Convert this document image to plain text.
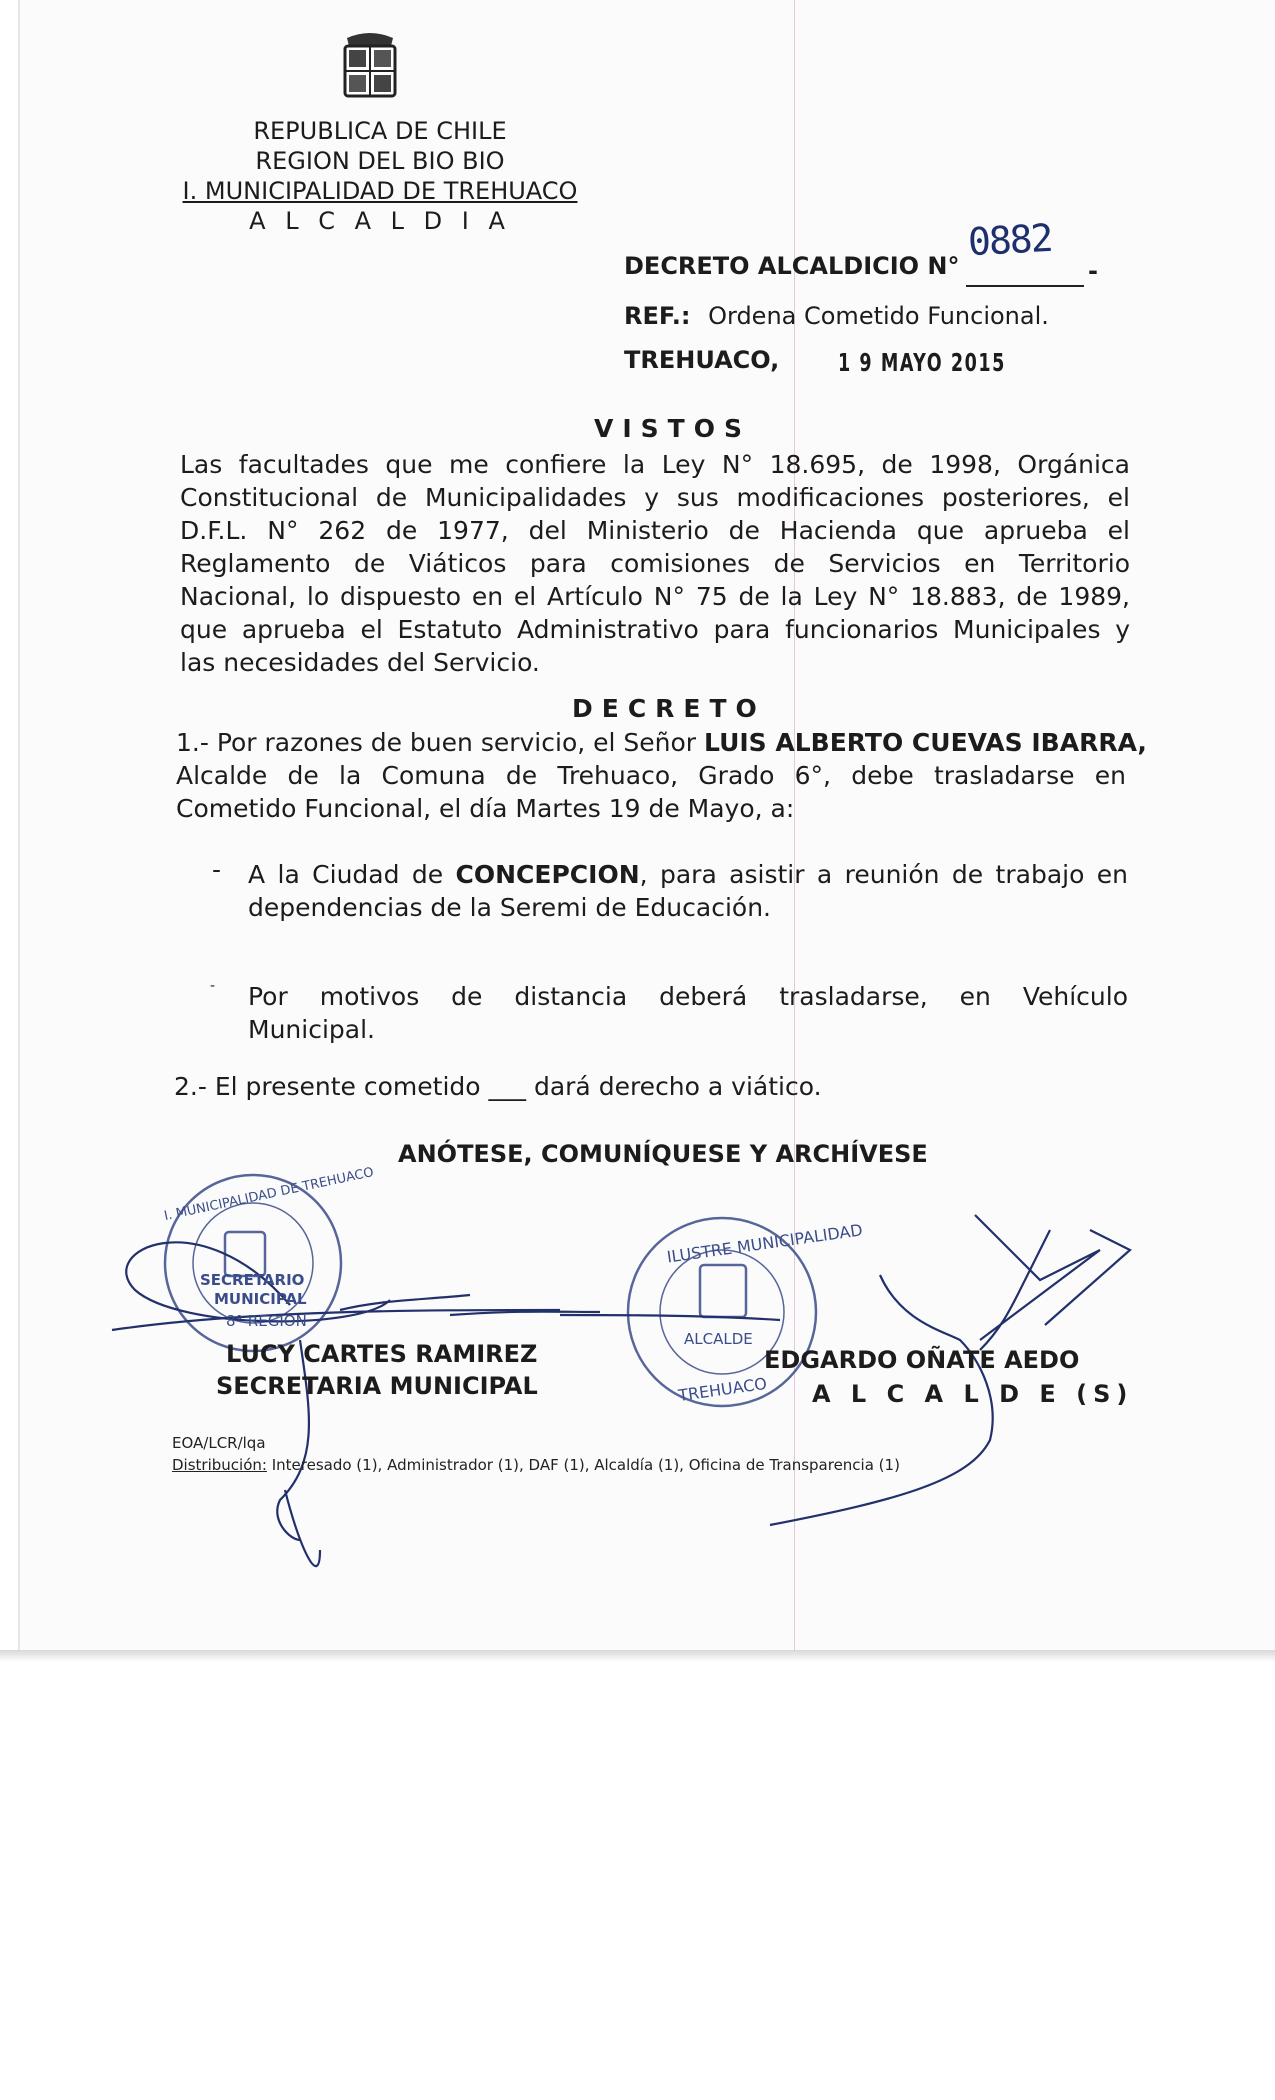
REPUBLICA DE CHILE
REGION DEL BIO BIO
I. MUNICIPALIDAD DE TREHUACO
A L C A L D I A
DECRETO ALCALDICIO N°
0882
-
REF.: Ordena Cometido Funcional.
TREHUACO, 1 9 MAYO 2015
VISTOS
Las facultades que me confiere la Ley N° 18.695, de 1998, Orgánica
Constitucional de Municipalidades y sus modificaciones posteriores, el
D.F.L. N° 262 de 1977, del Ministerio de Hacienda que aprueba el
Reglamento de Viáticos para comisiones de Servicios en Territorio
Nacional, lo dispuesto en el Artículo N° 75 de la Ley N° 18.883, de 1989,
que aprueba el Estatuto Administrativo para funcionarios Municipales y
las necesidades del Servicio.
DECRETO
1.- Por razones de buen servicio, el Señor LUIS ALBERTO CUEVAS IBARRA,
Alcalde de la Comuna de Trehuaco, Grado 6°, debe trasladarse en
Cometido Funcional, el día Martes 19 de Mayo, a:
- A la Ciudad de CONCEPCION, para asistir a reunión de trabajo en
dependencias de la Seremi de Educación.
- Por motivos de distancia deberá trasladarse, en Vehículo
Municipal.
2.- El presente cometido ___ dará derecho a viático.
ANÓTESE, COMUNÍQUESE Y ARCHÍVESE
SECRETARIO
MUNICIPAL
8° REGION
I. MUNICIPALIDAD DE TREHUACO
ILUSTRE MUNICIPALIDAD
ALCALDE
TREHUACO
LUCY CARTES RAMIREZ
SECRETARIA MUNICIPAL
EDGARDO OÑATE AEDO
A L C A L D E (S)
EOA/LCR/lqa
Distribución: Interesado (1), Administrador (1), DAF (1), Alcaldía (1), Oficina de Transparencia (1)
